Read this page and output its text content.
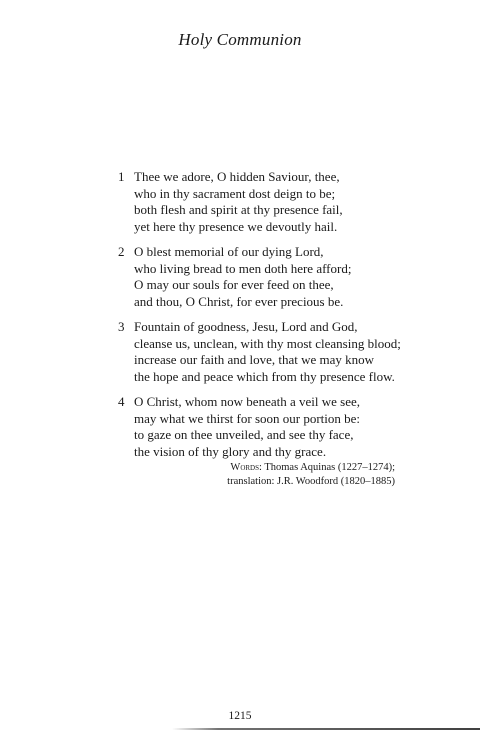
Holy Communion
1 Thee we adore, O hidden Saviour, thee,
who in thy sacrament dost deign to be;
both flesh and spirit at thy presence fail,
yet here thy presence we devoutly hail.
2 O blest memorial of our dying Lord,
who living bread to men doth here afford;
O may our souls for ever feed on thee,
and thou, O Christ, for ever precious be.
3 Fountain of goodness, Jesu, Lord and God,
cleanse us, unclean, with thy most cleansing blood;
increase our faith and love, that we may know
the hope and peace which from thy presence flow.
4 O Christ, whom now beneath a veil we see,
may what we thirst for soon our portion be:
to gaze on thee unveiled, and see thy face,
the vision of thy glory and thy grace.
Words: Thomas Aquinas (1227–1274);
translation: J.R. Woodford (1820–1885)
1215
